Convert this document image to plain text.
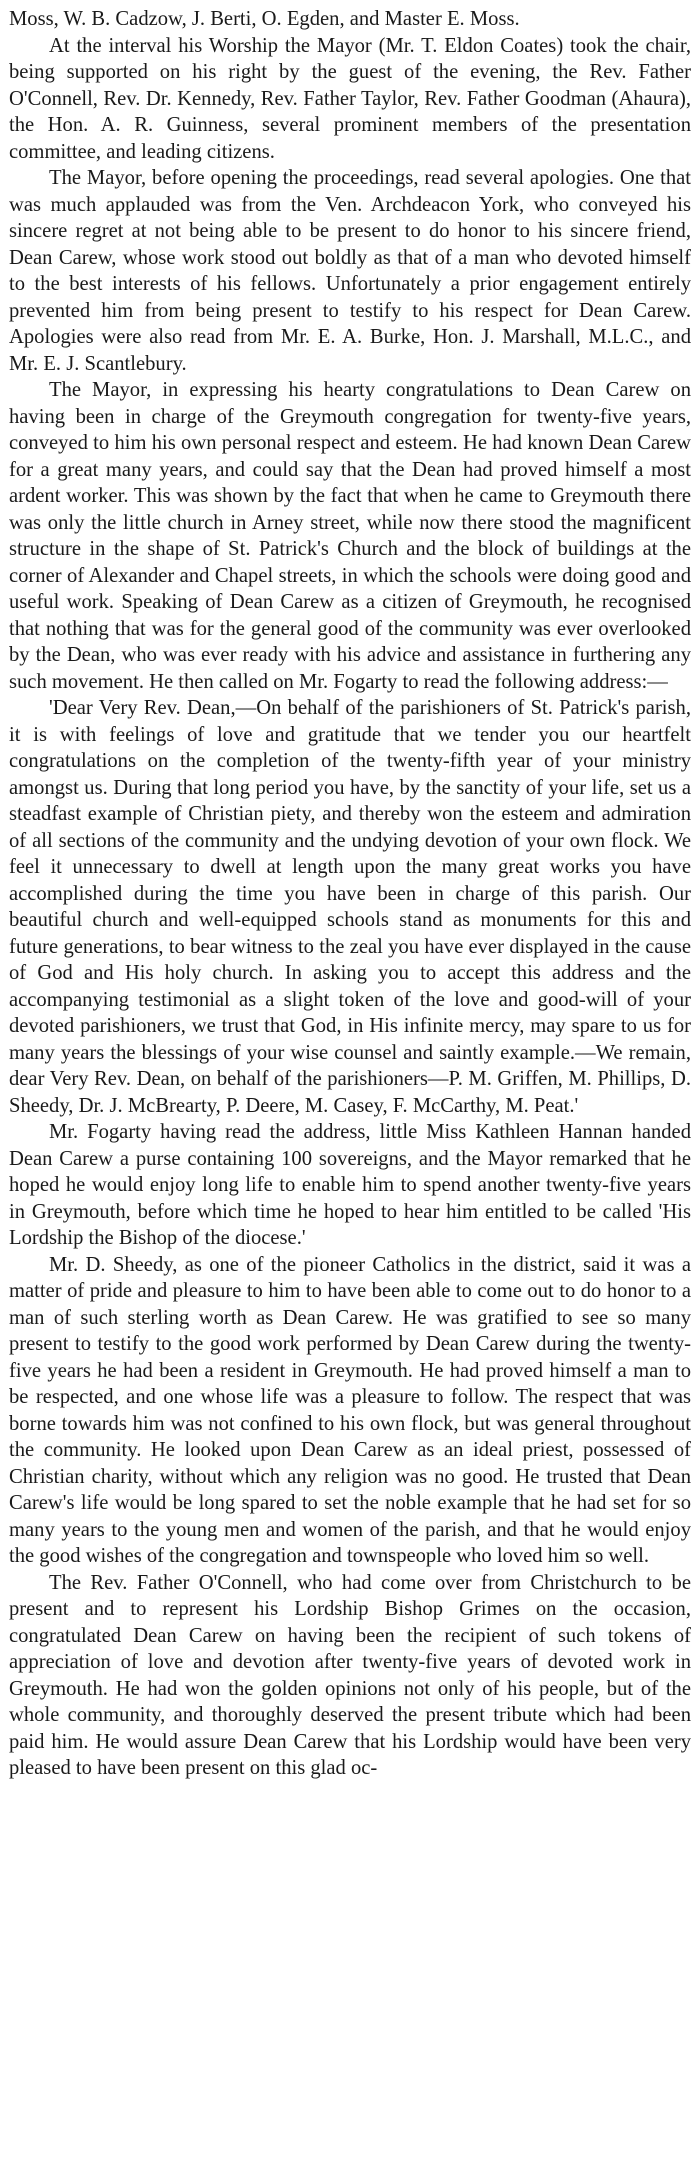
Moss, W. B. Cadzow, J. Berti, O. Egden, and Master E. Moss.

At the interval his Worship the Mayor (Mr. T. Eldon Coates) took the chair, being supported on his right by the guest of the evening, the Rev. Father O'Connell, Rev. Dr. Kennedy, Rev. Father Taylor, Rev. Father Goodman (Ahaura), the Hon. A. R. Guinness, several prominent members of the presentation committee, and leading citizens.

The Mayor, before opening the proceedings, read several apologies. One that was much applauded was from the Ven. Archdeacon York, who conveyed his sincere regret at not being able to be present to do honor to his sincere friend, Dean Carew, whose work stood out boldly as that of a man who devoted himself to the best interests of his fellows. Unfortunately a prior engagement entirely prevented him from being present to testify to his respect for Dean Carew. Apologies were also read from Mr. E. A. Burke, Hon. J. Marshall, M.L.C., and Mr. E. J. Scantlebury.

The Mayor, in expressing his hearty congratulations to Dean Carew on having been in charge of the Greymouth congregation for twenty-five years, conveyed to him his own personal respect and esteem. He had known Dean Carew for a great many years, and could say that the Dean had proved himself a most ardent worker. This was shown by the fact that when he came to Greymouth there was only the little church in Arney street, while now there stood the magnificent structure in the shape of St. Patrick's Church and the block of buildings at the corner of Alexander and Chapel streets, in which the schools were doing good and useful work. Speaking of Dean Carew as a citizen of Greymouth, he recognised that nothing that was for the general good of the community was ever overlooked by the Dean, who was ever ready with his advice and assistance in furthering any such movement. He then called on Mr. Fogarty to read the following address:—

'Dear Very Rev. Dean,—On behalf of the parishioners of St. Patrick's parish, it is with feelings of love and gratitude that we tender you our heartfelt congratulations on the completion of the twenty-fifth year of your ministry amongst us. During that long period you have, by the sanctity of your life, set us a steadfast example of Christian piety, and thereby won the esteem and admiration of all sections of the community and the undying devotion of your own flock. We feel it unnecessary to dwell at length upon the many great works you have accomplished during the time you have been in charge of this parish. Our beautiful church and well-equipped schools stand as monuments for this and future generations, to bear witness to the zeal you have ever displayed in the cause of God and His holy church. In asking you to accept this address and the accompanying testimonial as a slight token of the love and good-will of your devoted parishioners, we trust that God, in His infinite mercy, may spare to us for many years the blessings of your wise counsel and saintly example.—We remain, dear Very Rev. Dean, on behalf of the parishioners—P. M. Griffen, M. Phillips, D. Sheedy, Dr. J. McBrearty, P. Deere, M. Casey, F. McCarthy, M. Peat.'

Mr. Fogarty having read the address, little Miss Kathleen Hannan handed Dean Carew a purse containing 100 sovereigns, and the Mayor remarked that he hoped he would enjoy long life to enable him to spend another twenty-five years in Greymouth, before which time he hoped to hear him entitled to be called 'His Lordship the Bishop of the diocese.'

Mr. D. Sheedy, as one of the pioneer Catholics in the district, said it was a matter of pride and pleasure to him to have been able to come out to do honor to a man of such sterling worth as Dean Carew. He was gratified to see so many present to testify to the good work performed by Dean Carew during the twenty-five years he had been a resident in Greymouth. He had proved himself a man to be respected, and one whose life was a pleasure to follow. The respect that was borne towards him was not confined to his own flock, but was general throughout the community. He looked upon Dean Carew as an ideal priest, possessed of Christian charity, without which any religion was no good. He trusted that Dean Carew's life would be long spared to set the noble example that he had set for so many years to the young men and women of the parish, and that he would enjoy the good wishes of the congregation and townspeople who loved him so well.

The Rev. Father O'Connell, who had come over from Christchurch to be present and to represent his Lordship Bishop Grimes on the occasion, congratulated Dean Carew on having been the recipient of such tokens of appreciation of love and devotion after twenty-five years of devoted work in Greymouth. He had won the golden opinions not only of his people, but of the whole community, and thoroughly deserved the present tribute which had been paid him. He would assure Dean Carew that his Lordship would have been very pleased to have been present on this glad oc-
